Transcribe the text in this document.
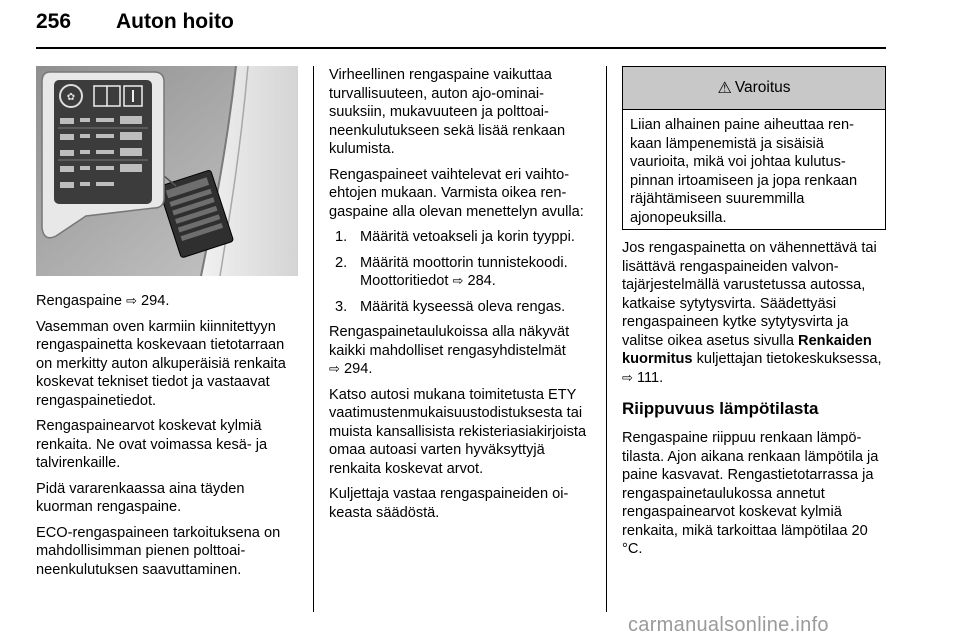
256 Auton hoito
✿

Rengaspaine ⇨ 294.

Vasemman oven karmiin kiinnitettyyn rengaspainetta koskevaan tietotarraan on merkitty auton alkuperäisiä renkaita koskevat tekniset tiedot ja vastaavat rengaspainetiedot.

Rengaspainearvot koskevat kylmiä renkaita. Ne ovat voimassa kesä- ja talvirenkaille.

Pidä vararenkaassa aina täyden kuorman rengaspaine.

ECO-rengaspaineen tarkoituksena on mahdollisimman pienen polttoaineenkulutuksen saavuttaminen.

Virheellinen rengaspaine vaikuttaa turvallisuuteen, auton ajo-ominaisuuksiin, mukavuuteen ja polttoaineenkulutukseen sekä lisää renkaan kulumista.

Rengaspaineet vaihtelevat eri vaihtoehtojen mukaan. Varmista oikea rengaspaine alla olevan menettelyn avulla:

1. Määritä vetoakseli ja korin tyyppi.
2. Määritä moottorin tunnistekoodi. Moottoritiedot ⇨ 284.
3. Määritä kyseessä oleva rengas.

Rengaspainetaulukoissa alla näkyvät kaikki mahdolliset rengasyhdistelmät
⇨ 294.

Katso autosi mukana toimitetusta ETY vaatimustenmukaisuustodistuksesta tai muista kansallisista rekisteriasiakirjoista omaa autoasi varten hyväksyttyjä renkaita koskevat arvot.

Kuljettaja vastaa rengaspaineiden oikeasta säädöstä.

⚠ Varoitus
Liian alhainen paine aiheuttaa renkaan lämpenemistä ja sisäisiä vaurioita, mikä voi johtaa kulutuspinnan irtoamiseen ja jopa renkaan räjähtämiseen suuremmilla ajonopeuksilla.

Jos rengaspainetta on vähennettävä tai lisättävä rengaspaineiden valvontajärjestelmällä varustetussa autossa, katkaise sytytysvirta. Säädettyäsi rengaspaineen kytke sytytysvirta ja valitse oikea asetus sivulla Renkaiden kuormitus kuljettajan tietokeskuksessa, ⇨ 111.

Riippuvuus lämpötilasta

Rengaspaine riippuu renkaan lämpötilasta. Ajon aikana renkaan lämpötila ja paine kasvavat. Rengastietotarrassa ja rengaspainetaulukossa annetut rengaspainearvot koskevat kylmiä renkaita, mikä tarkoittaa lämpötilaa 20 °C.

carmanualsonline.info
